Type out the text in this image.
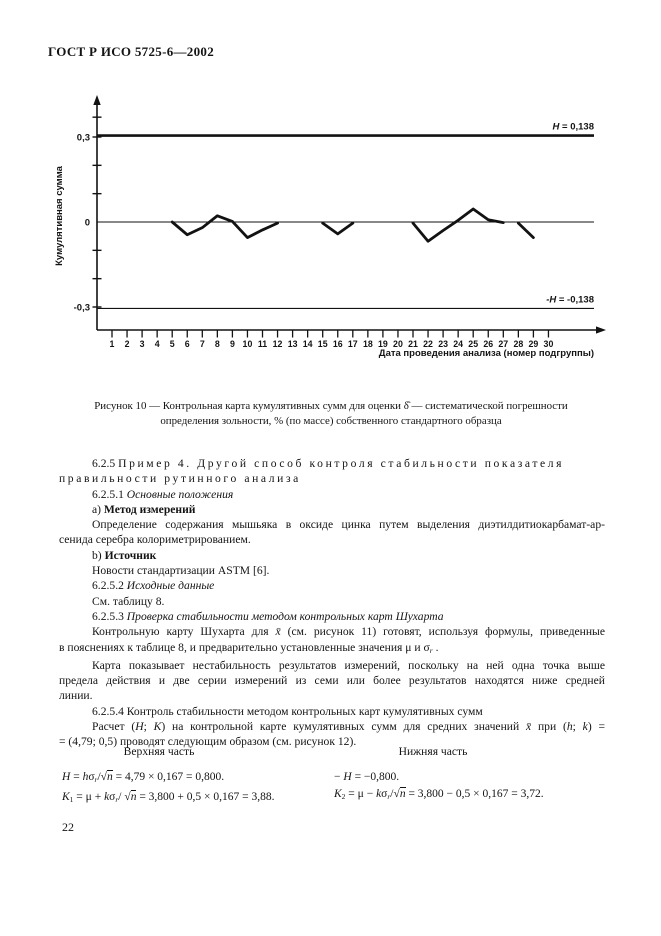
ГОСТ Р ИСО 5725-6—2002
H = 0,138
-H = -0,138
0,3
0
-0,3
1 2 3 4 5 6 7 8 9 10 11 12 13 14 15 16 17 18 19 20 21 22 23 24 25 26 27 28 29 30
Кумулятивная сумма
Дата проведения анализа (номер подгруппы)
Рисунок 10 — Контрольная карта кумулятивных сумм для оценки δ̂ — систематической погрешности
определения зольности, % (по массе) собственного стандартного образца
6.2.5 Пример 4. Другой способ контроля стабильности показателя
правильности рутинного анализа
6.2.5.1 Основные положения
а) Метод измерений
Определение содержания мышьяка в оксиде цинка путем выделения диэтилдитиокарбамат-ар-
сенида серебра колориметрированием.
b) Источник
Новости стандартизации ASTM [6].
6.2.5.2 Исходные данные
См. таблицу 8.
6.2.5.3 Проверка стабильности методом контрольных карт Шухарта
Контрольную карту Шухарта для x̄ (см. рисунок 11) готовят, используя формулы, приведенные
в пояснениях к таблице 8, и предварительно установленные значения μ и σr .
Карта показывает нестабильность результатов измерений, поскольку на ней одна точка выше
предела действия и две серии измерений из семи или более результатов находятся ниже средней
линии.
6.2.5.4 Контроль стабильности методом контрольных карт кумулятивных сумм
Расчет (H; K) на контрольной карте кумулятивных сумм для средних значений x̄ при (h; k) =
= (4,79; 0,5) проводят следующим образом (см. рисунок 12).
Верхняя часть	Нижняя часть
H = hσr/√n = 4,79 × 0,167 = 0,800.
K1 = μ + kσr/ √n = 3,800 + 0,5 × 0,167 = 3,88.
− H = −0,800.
K2 = μ − kσr/√n = 3,800 − 0,5 × 0,167 = 3,72.
22
